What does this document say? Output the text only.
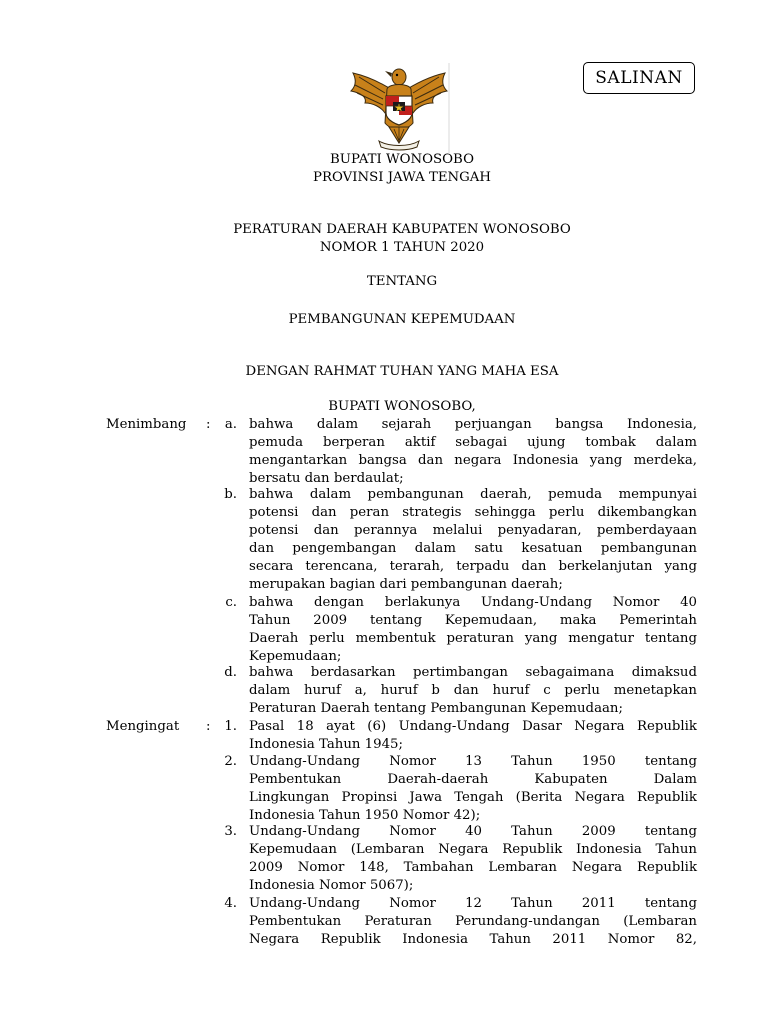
SALINAN
BUPATI WONOSOBO
PROVINSI JAWA TENGAH
PERATURAN DAERAH KABUPATEN WONOSOBO
NOMOR 1 TAHUN 2020
TENTANG
PEMBANGUNAN KEPEMUDAAN
DENGAN RAHMAT TUHAN YANG MAHA ESA
BUPATI WONOSOBO,
Menimbang :	a. bahwa dalam sejarah perjuangan bangsa Indonesia,
pemuda berperan aktif sebagai ujung tombak dalam
mengantarkan bangsa dan negara Indonesia yang merdeka,
bersatu dan berdaulat;
b. bahwa dalam pembangunan daerah, pemuda mempunyai
potensi dan peran strategis sehingga perlu dikembangkan
potensi dan perannya melalui penyadaran, pemberdayaan
dan pengembangan dalam satu kesatuan pembangunan
secara terencana, terarah, terpadu dan berkelanjutan yang
merupakan bagian dari pembangunan daerah;
c. bahwa dengan berlakunya Undang-Undang Nomor 40
Tahun 2009 tentang Kepemudaan, maka Pemerintah
Daerah perlu membentuk peraturan yang mengatur tentang
Kepemudaan;
d. bahwa berdasarkan pertimbangan sebagaimana dimaksud
dalam huruf a, huruf b dan huruf c perlu menetapkan
Peraturan Daerah tentang Pembangunan Kepemudaan;
Mengingat :	1. Pasal 18 ayat (6) Undang-Undang Dasar Negara Republik
Indonesia Tahun 1945;
2. Undang-Undang Nomor 13 Tahun 1950 tentang
Pembentukan Daerah-daerah Kabupaten Dalam
Lingkungan Propinsi Jawa Tengah (Berita Negara Republik
Indonesia Tahun 1950 Nomor 42);
3. Undang-Undang Nomor 40 Tahun 2009 tentang
Kepemudaan (Lembaran Negara Republik Indonesia Tahun
2009 Nomor 148, Tambahan Lembaran Negara Republik
Indonesia Nomor 5067);
4. Undang-Undang Nomor 12 Tahun 2011 tentang
Pembentukan Peraturan Perundang-undangan (Lembaran
Negara Republik Indonesia Tahun 2011 Nomor 82,
